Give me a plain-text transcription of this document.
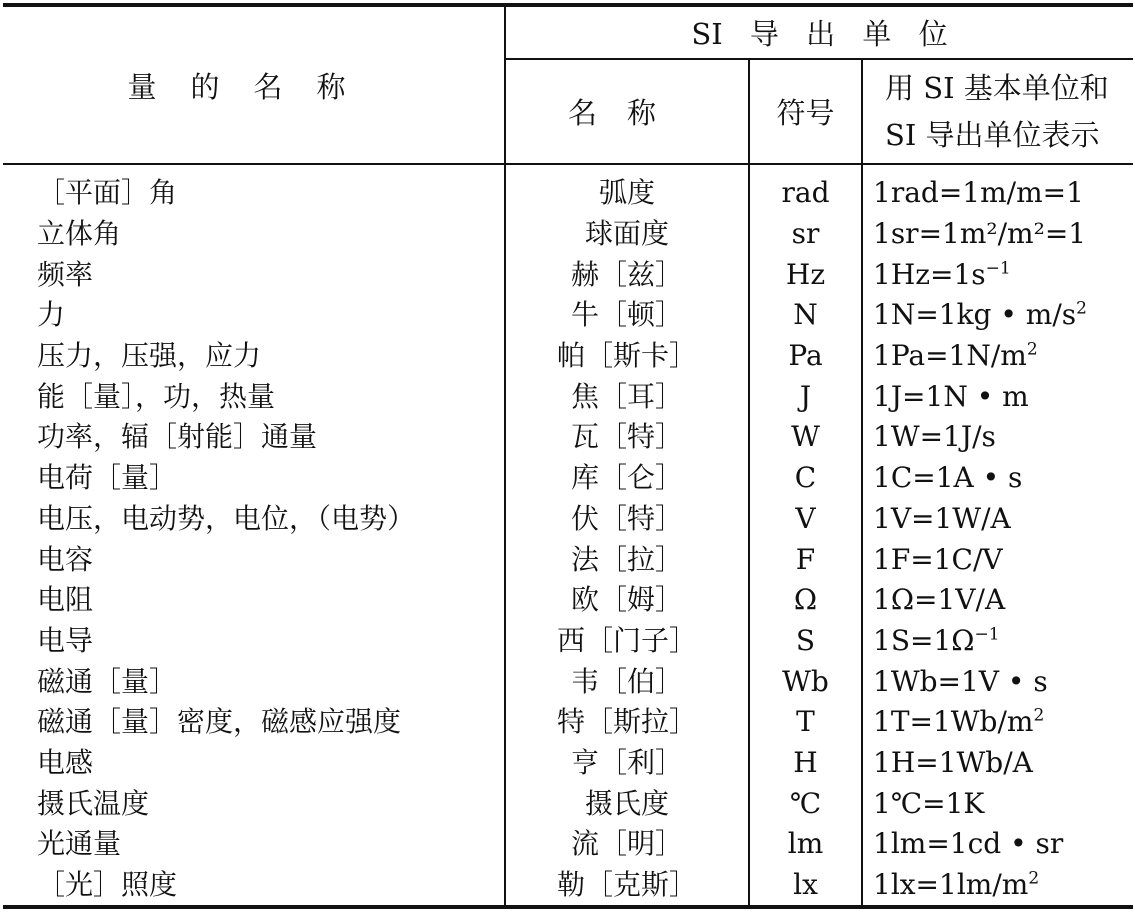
量的名称	SI 导 出 单 位		
	名称	符号	用 SI 基本单位和
SI 导出单位表示
［平面］角	弧度	rad	1rad=1m/m=1
立体角	球面度	sr	1sr=1m²/m²=1
频率	赫［兹］	Hz	$1Hz=1s^{-1}$
力	牛［顿］	N	1N=1kg • $m/s^2$
压力，压强，应力	帕［斯卡］	Pa	$1Pa=1N/m^2$
能［量］，功，热量	焦［耳］	J	1J=1N • m
功率，辐［射能］通量	瓦［特］	W	1W=1J/s
电荷［量］	库［仑］	C	1C=1A • s
电压，电动势，电位，（电势）	伏［特］	V	1V=1W/A
电容	法［拉］	F	1F=1C/V
电阻	欧［姆］	Ω	1Ω=1V/A
电导	西［门子］	S	$1S=1\Omega^{-1}$
磁通［量］	韦［伯］	Wb	1Wb=1V • s
磁通［量］密度，磁感应强度	特［斯拉］	T	$1T=1Wb/m^2$
电感	亨［利］	H	1H=1Wb/A
摄氏温度	摄氏度	℃	1℃=1K
光通量	流［明］	lm	1lm=1cd • sr
［光］照度	勒［克斯］	lx	$1lx=1lm/m^2$
